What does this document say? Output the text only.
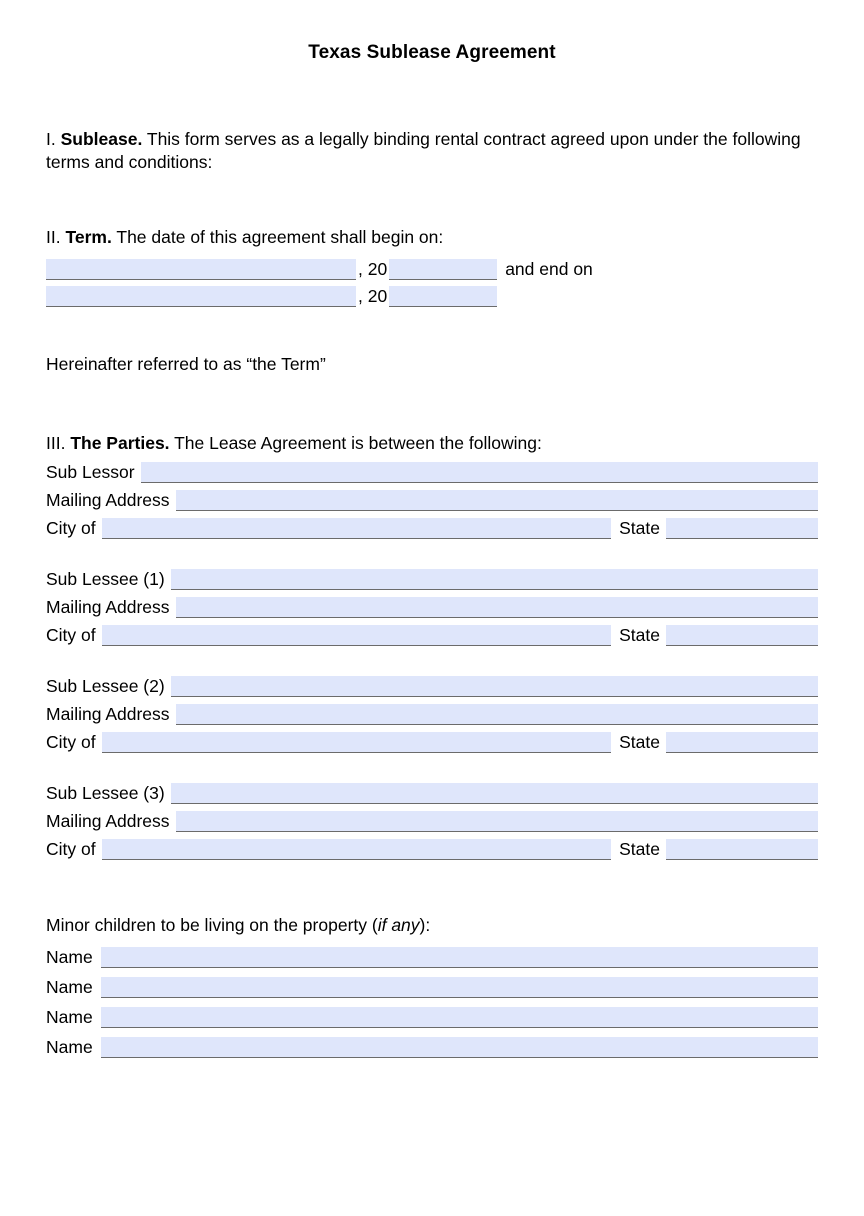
Texas Sublease Agreement

I. Sublease. This form serves as a legally binding rental contract agreed upon under the following terms and conditions:

II. Term. The date of this agreement shall begin on:

, 20	and end on
, 20

Hereinafter referred to as “the Term”

III. The Parties. The Lease Agreement is between the following:

Sub Lessor
Mailing Address
City of	State
Sub Lessee (1)
Mailing Address
City of	State
Sub Lessee (2)
Mailing Address
City of	State
Sub Lessee (3)
Mailing Address
City of	State

Minor children to be living on the property (if any):

Name
Name
Name
Name
